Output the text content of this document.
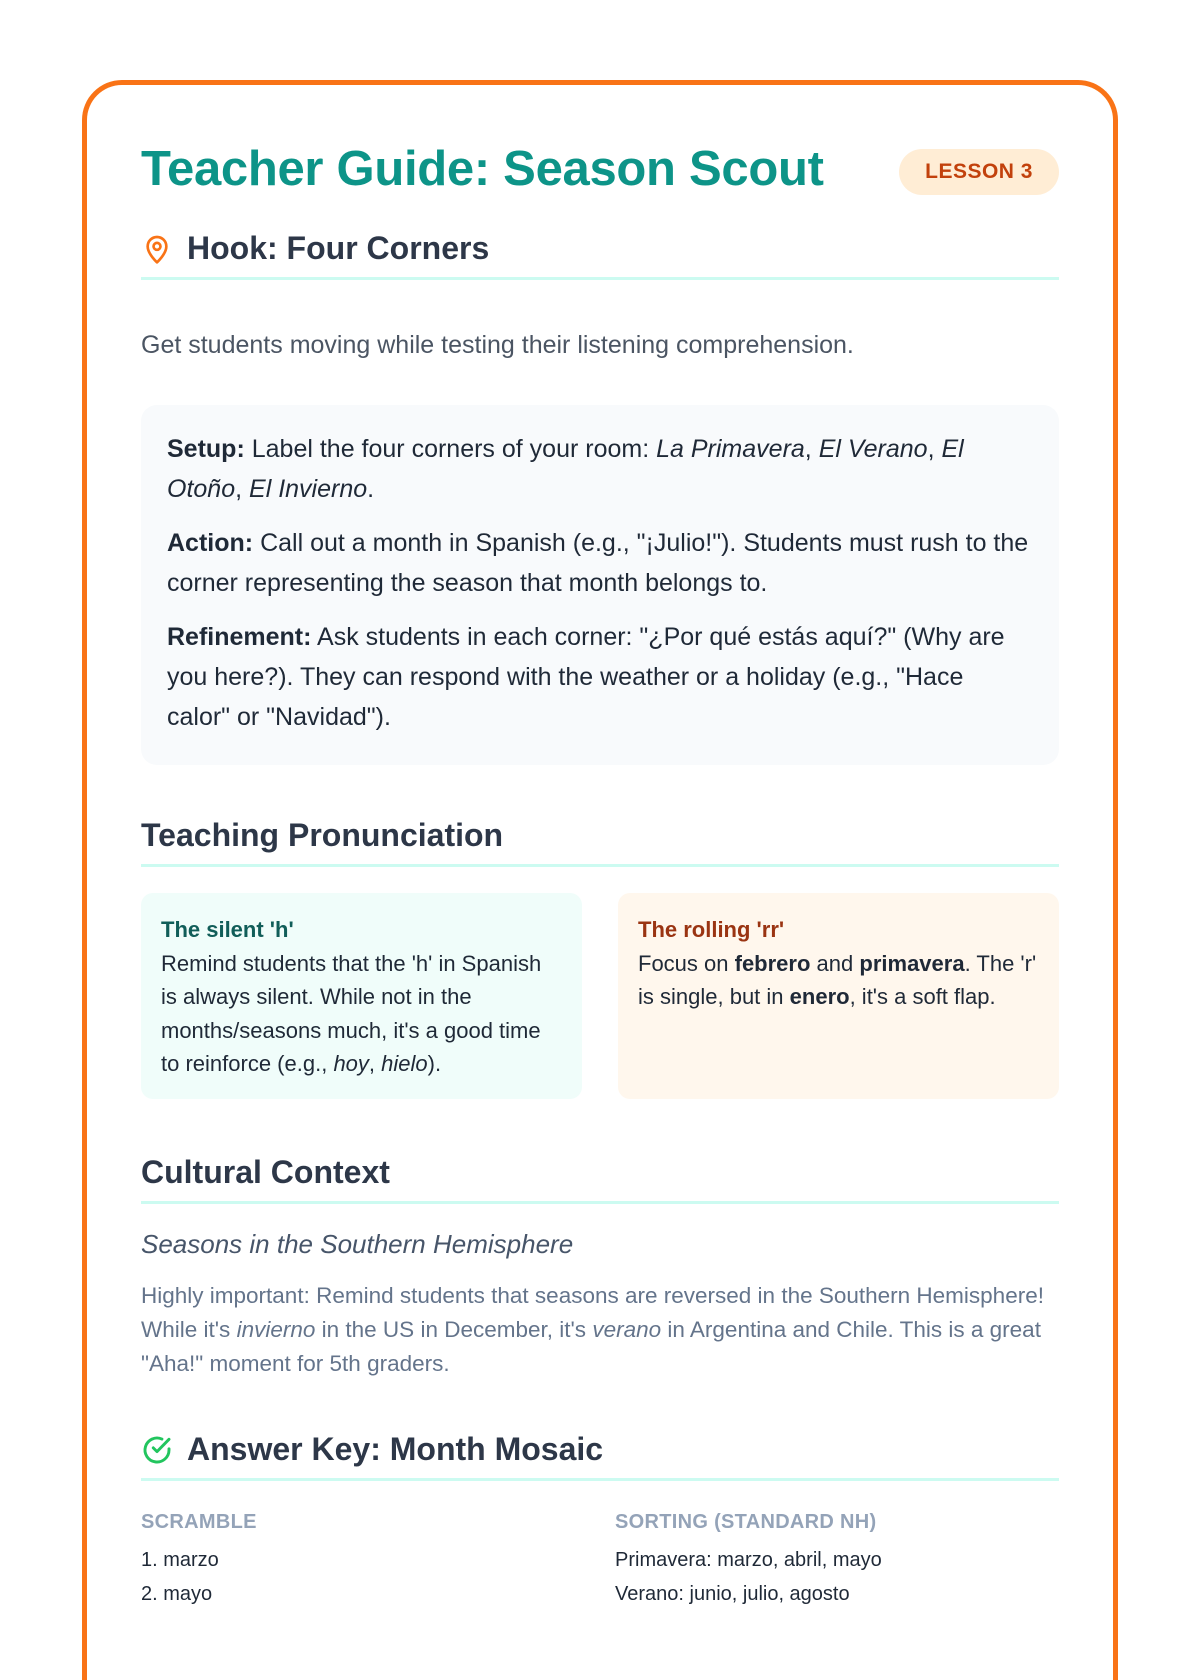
Teacher Guide: Season Scout	LESSON 3
Hook: Four Corners
Get students moving while testing their listening comprehension.

Setup: Label the four corners of your room: La Primavera, El Verano, El Otoño, El Invierno.

Action: Call out a month in Spanish (e.g., "¡Julio!"). Students must rush to the corner representing the season that month belongs to.

Refinement: Ask students in each corner: "¿Por qué estás aquí?" (Why are you here?). They can respond with the weather or a holiday (e.g., "Hace calor" or "Navidad").

Teaching Pronunciation
The silent 'h'
Remind students that the 'h' in Spanish is always silent. While not in the months/seasons much, it's a good time to reinforce (e.g., hoy, hielo).
The rolling 'rr'
Focus on febrero and primavera. The 'r' is single, but in enero, it's a soft flap.
Cultural Context
Seasons in the Southern Hemisphere
Highly important: Remind students that seasons are reversed in the Southern Hemisphere! While it's invierno in the US in December, it's verano in Argentina and Chile. This is a great "Aha!" moment for 5th graders.
Answer Key: Month Mosaic
SCRAMBLE
1. marzo
2. mayo
SORTING (STANDARD NH)
Primavera: marzo, abril, mayo
Verano: junio, julio, agosto
